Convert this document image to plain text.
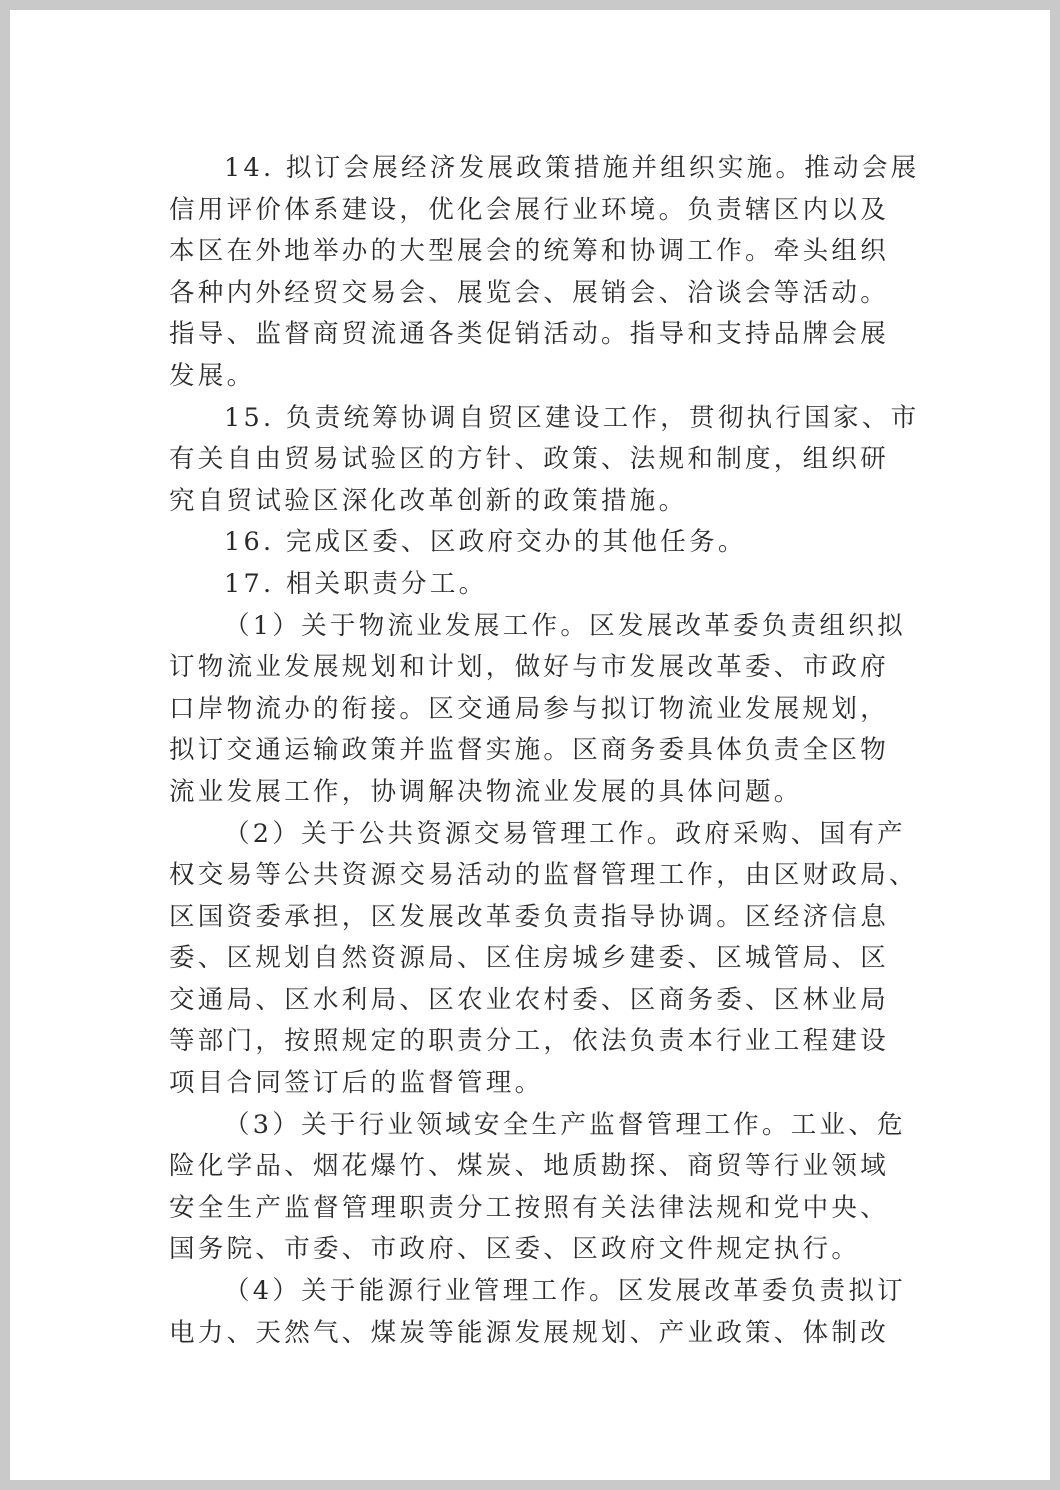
14. 拟订会展经济发展政策措施并组织实施。推动会展
信用评价体系建设，优化会展行业环境。负责辖区内以及
本区在外地举办的大型展会的统筹和协调工作。牵头组织
各种内外经贸交易会、展览会、展销会、洽谈会等活动。
指导、监督商贸流通各类促销活动。指导和支持品牌会展
发展。
15. 负责统筹协调自贸区建设工作，贯彻执行国家、市
有关自由贸易试验区的方针、政策、法规和制度，组织研
究自贸试验区深化改革创新的政策措施。
16. 完成区委、区政府交办的其他任务。
17. 相关职责分工。
（1）关于物流业发展工作。区发展改革委负责组织拟
订物流业发展规划和计划，做好与市发展改革委、市政府
口岸物流办的衔接。区交通局参与拟订物流业发展规划，
拟订交通运输政策并监督实施。区商务委具体负责全区物
流业发展工作，协调解决物流业发展的具体问题。
（2）关于公共资源交易管理工作。政府采购、国有产
权交易等公共资源交易活动的监督管理工作，由区财政局、
区国资委承担，区发展改革委负责指导协调。区经济信息
委、区规划自然资源局、区住房城乡建委、区城管局、区
交通局、区水利局、区农业农村委、区商务委、区林业局
等部门，按照规定的职责分工，依法负责本行业工程建设
项目合同签订后的监督管理。
（3）关于行业领域安全生产监督管理工作。工业、危
险化学品、烟花爆竹、煤炭、地质勘探、商贸等行业领域
安全生产监督管理职责分工按照有关法律法规和党中央、
国务院、市委、市政府、区委、区政府文件规定执行。
（4）关于能源行业管理工作。区发展改革委负责拟订
电力、天然气、煤炭等能源发展规划、产业政策、体制改
